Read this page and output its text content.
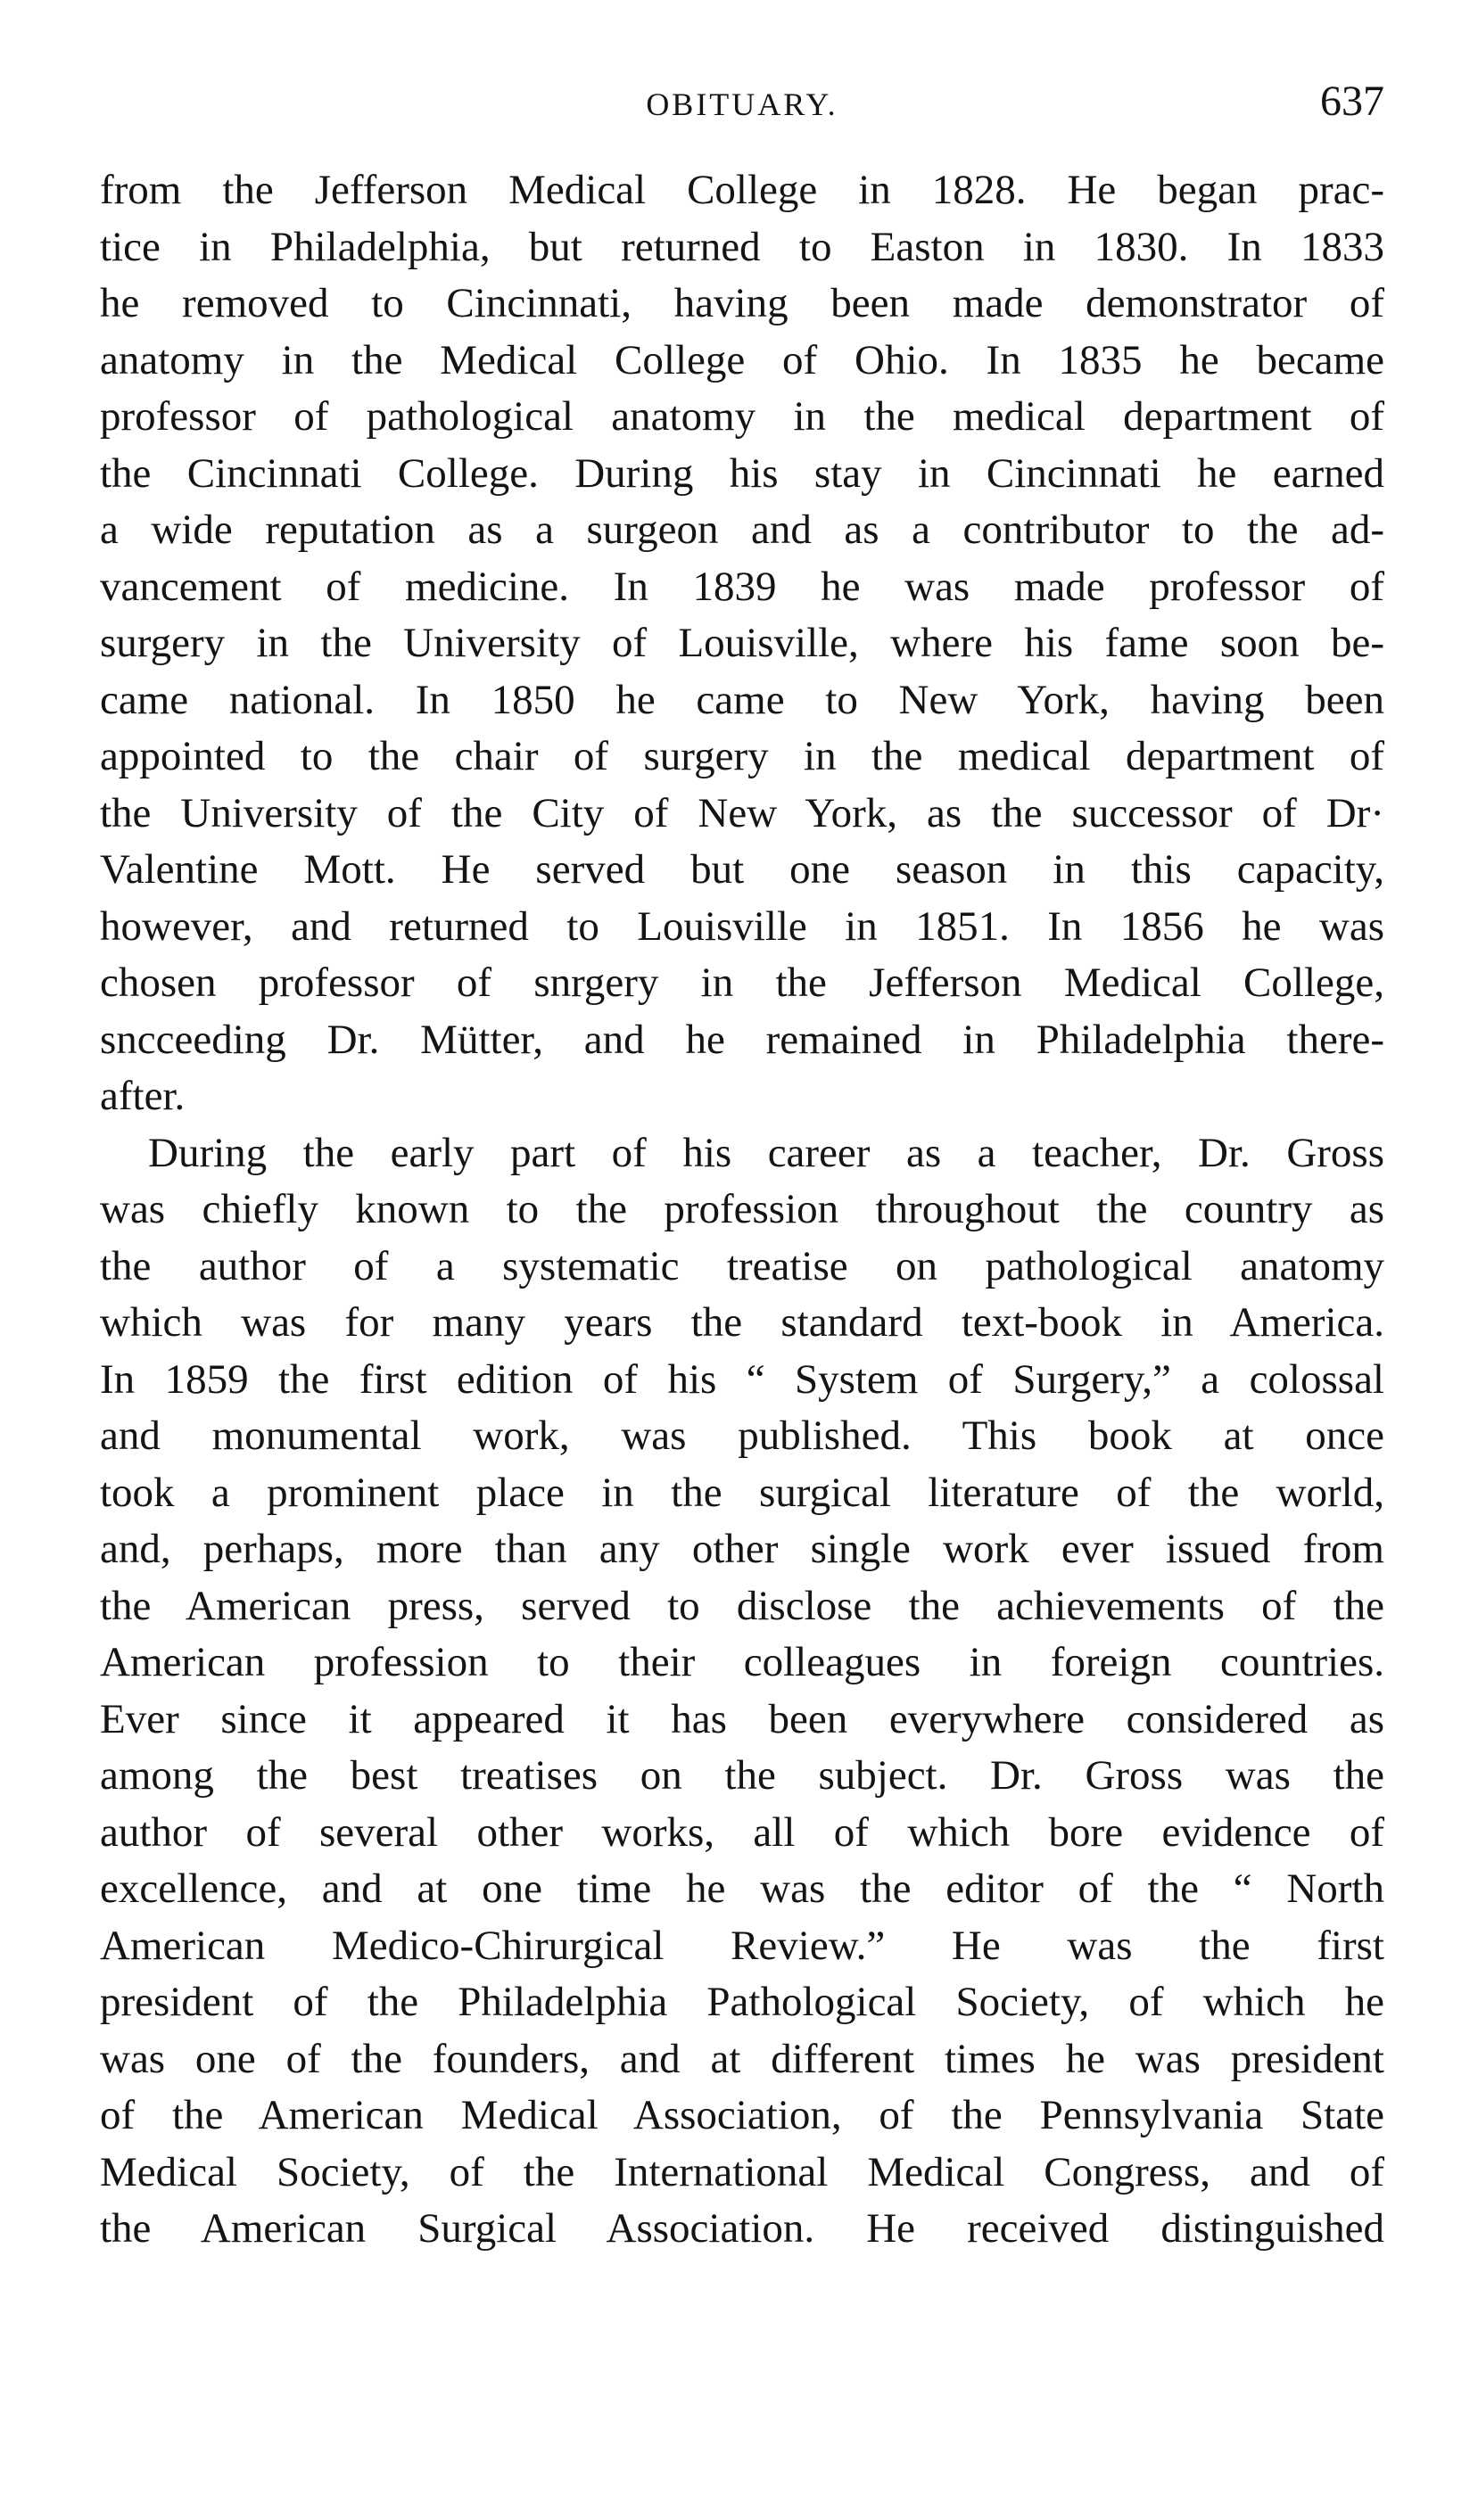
OBITUARY.	637
from the Jefferson Medical College in 1828. He began prac-
tice in Philadelphia, but returned to Easton in 1830. In 1833
he removed to Cincinnati, having been made demonstrator of
anatomy in the Medical College of Ohio. In 1835 he became
professor of pathological anatomy in the medical department of
the Cincinnati College. During his stay in Cincinnati he earned
a wide reputation as a surgeon and as a contributor to the ad-
vancement of medicine. In 1839 he was made professor of
surgery in the University of Louisville, where his fame soon be-
came national. In 1850 he came to New York, having been
appointed to the chair of surgery in the medical department of
the University of the City of New York, as the successor of Dr·
Valentine Mott. He served but one season in this capacity,
however, and returned to Louisville in 1851. In 1856 he was
chosen professor of snrgery in the Jefferson Medical College,
sncceeding Dr. Mütter, and he remained in Philadelphia there-
after.
During the early part of his career as a teacher, Dr. Gross
was chiefly known to the profession throughout the country as
the author of a systematic treatise on pathological anatomy
which was for many years the standard text-book in America.
In 1859 the first edition of his “ System of Surgery,” a colossal
and monumental work, was published. This book at once
took a prominent place in the surgical literature of the world,
and, perhaps, more than any other single work ever issued from
the American press, served to disclose the achievements of the
American profession to their colleagues in foreign countries.
Ever since it appeared it has been everywhere considered as
among the best treatises on the subject. Dr. Gross was the
author of several other works, all of which bore evidence of
excellence, and at one time he was the editor of the “ North
American Medico-Chirurgical Review.” He was the first
president of the Philadelphia Pathological Society, of which he
was one of the founders, and at different times he was president
of the American Medical Association, of the Pennsylvania State
Medical Society, of the International Medical Congress, and of
the American Surgical Association. He received distinguished
